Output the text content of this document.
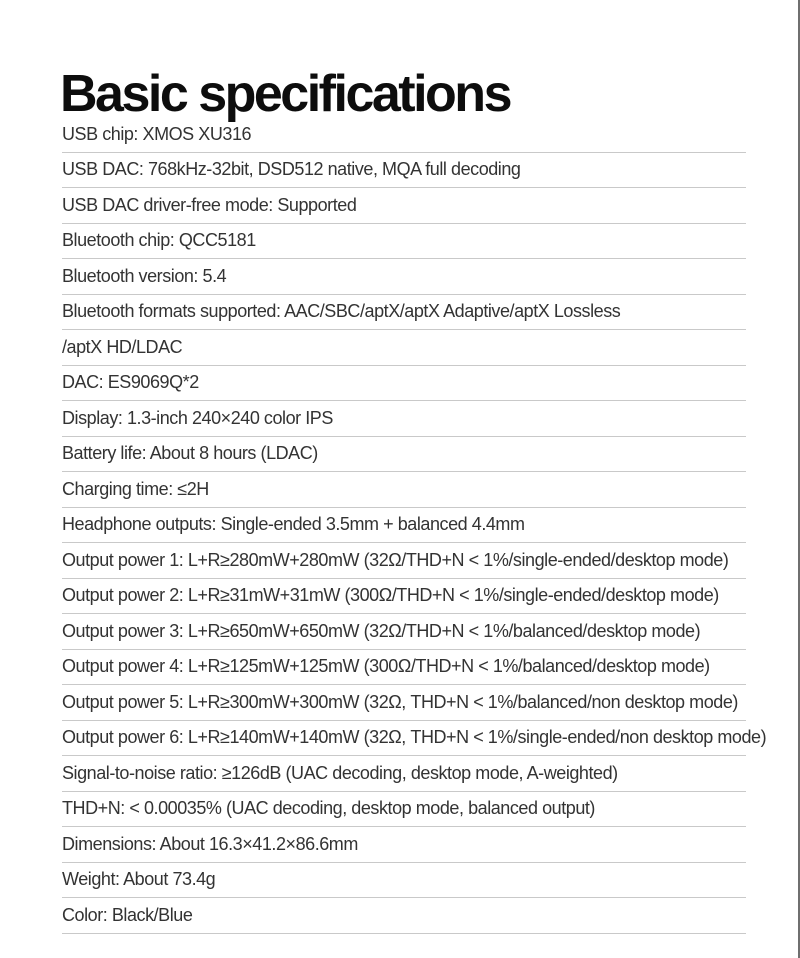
Basic specifications
USB chip: XMOS XU316
USB DAC: 768kHz-32bit, DSD512 native, MQA full decoding
USB DAC driver-free mode: Supported
Bluetooth chip: QCC5181
Bluetooth version: 5.4
Bluetooth formats supported: AAC/SBC/aptX/aptX Adaptive/aptX Lossless
/aptX HD/LDAC
DAC: ES9069Q*2
Display: 1.3-inch 240×240 color IPS
Battery life: About 8 hours (LDAC)
Charging time: ≤2H
Headphone outputs: Single-ended 3.5mm + balanced 4.4mm
Output power 1: L+R≥280mW+280mW (32Ω/THD+N < 1%/single-ended/desktop mode)
Output power 2: L+R≥31mW+31mW (300Ω/THD+N < 1%/single-ended/desktop mode)
Output power 3: L+R≥650mW+650mW (32Ω/THD+N < 1%/balanced/desktop mode)
Output power 4: L+R≥125mW+125mW (300Ω/THD+N < 1%/balanced/desktop mode)
Output power 5: L+R≥300mW+300mW (32Ω, THD+N < 1%/balanced/non desktop mode)
Output power 6: L+R≥140mW+140mW (32Ω, THD+N < 1%/single-ended/non desktop mode)
Signal-to-noise ratio: ≥126dB (UAC decoding, desktop mode, A-weighted)
THD+N: < 0.00035% (UAC decoding, desktop mode, balanced output)
Dimensions: About 16.3×41.2×86.6mm
Weight: About 73.4g
Color: Black/Blue
